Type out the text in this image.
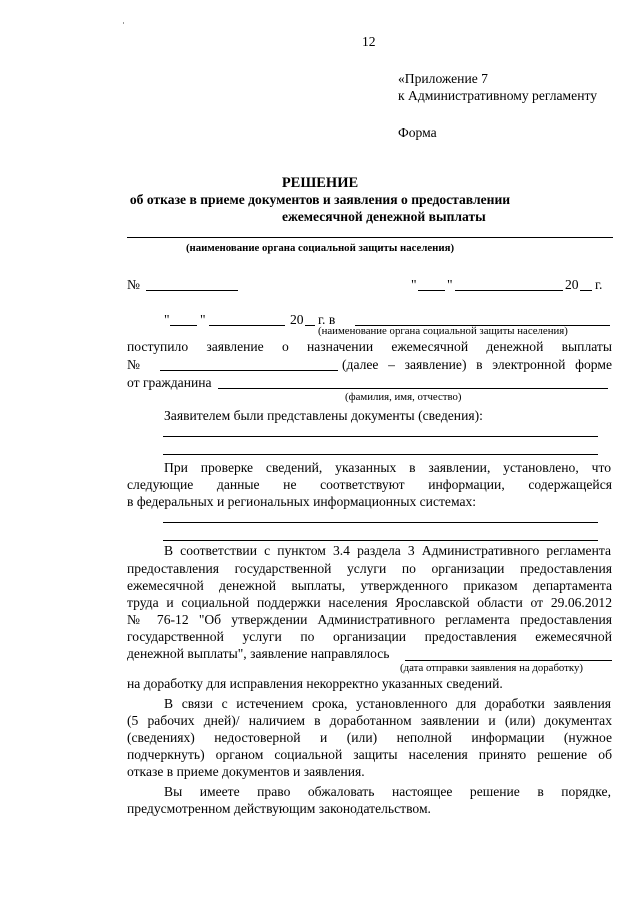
12
«Приложение 7
к Административному регламенту
Форма
РЕШЕНИЕ
об отказе в приеме документов и заявления о предоставлении
ежемесячной денежной выплаты
(наименование органа социальной защиты населения)
№	" "	20 г.
" "	20 г. в
(наименование органа социальной защиты населения)
поступило заявление о назначении ежемесячной денежной выплаты
№	(далее – заявление) в электронной форме
от гражданина
(фамилия, имя, отчество)
Заявителем были представлены документы (сведения):
При проверке сведений, указанных в заявлении, установлено, что
следующие данные не соответствуют информации, содержащейся
в федеральных и региональных информационных системах:
В соответствии с пунктом 3.4 раздела 3 Административного регламента
предоставления государственной услуги по организации предоставления
ежемесячной денежной выплаты, утвержденного приказом департамента
труда и социальной поддержки населения Ярославской области от 29.06.2012
№ 76-12 "Об утверждении Административного регламента предоставления
государственной услуги по организации предоставления ежемесячной
денежной выплаты", заявление направлялось
(дата отправки заявления на доработку)
на доработку для исправления некорректно указанных сведений.
В связи с истечением срока, установленного для доработки заявления
(5 рабочих дней)/ наличием в доработанном заявлении и (или) документах
(сведениях) недостоверной и (или) неполной информации (нужное
подчеркнуть) органом социальной защиты населения принято решение об
отказе в приеме документов и заявления.
Вы имеете право обжаловать настоящее решение в порядке,
предусмотренном действующим законодательством.
